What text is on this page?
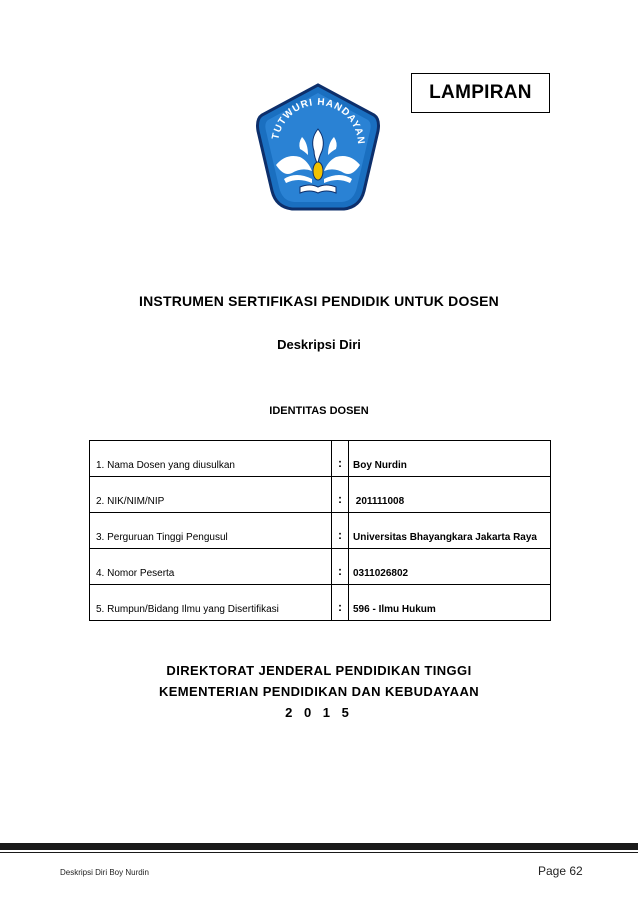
LAMPIRAN
TUTWURI HANDAYAN
INSTRUMEN SERTIFIKASI PENDIDIK UNTUK DOSEN
Deskripsi Diri
IDENTITAS DOSEN
1. Nama Dosen yang diusulkan	:	Boy Nurdin
2. NIK/NIM/NIP	:	201111008
3. Perguruan Tinggi Pengusul	:	Universitas Bhayangkara Jakarta Raya
4. Nomor Peserta	:	0311026802
5. Rumpun/Bidang Ilmu yang Disertifikasi	:	596 - Ilmu Hukum
DIREKTORAT JENDERAL PENDIDIKAN TINGGI
KEMENTERIAN PENDIDIKAN DAN KEBUDAYAAN
2 0 1 5
Deskripsi Diri Boy Nurdin	Page 62
